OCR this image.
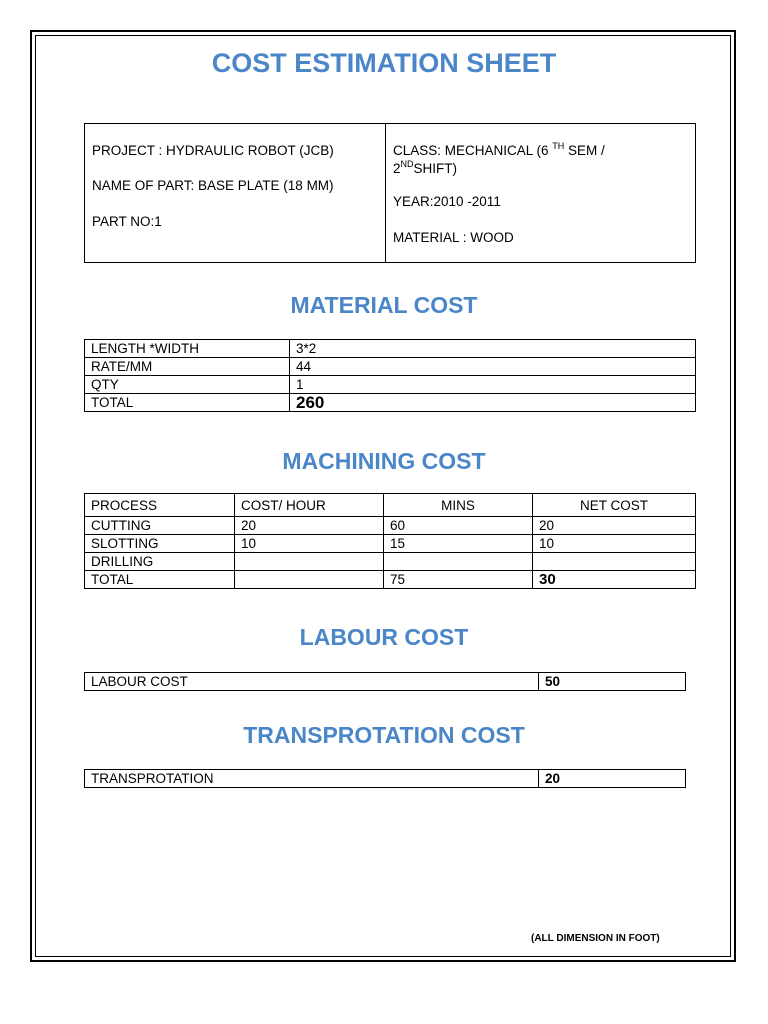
COST ESTIMATION SHEET
PROJECT : HYDRAULIC ROBOT (JCB)
NAME OF PART: BASE PLATE (18 MM)
PART NO:1

CLASS: MECHANICAL (6 $^{TH}$ SEM /
2NDSHIFT)
YEAR:2010 -2011
MATERIAL : WOOD
MATERIAL COST
LENGTH *WIDTH	3*2
RATE/MM	44
QTY	1
TOTAL	260
MACHINING COST
PROCESS	COST/ HOUR	MINS	NET COST
CUTTING	20	60	20
SLOTTING	10	15	10
DRILLING			
TOTAL		75	30
LABOUR COST
LABOUR COST	50
TRANSPROTATION COST
TRANSPROTATION	20
(ALL DIMENSION IN FOOT)
